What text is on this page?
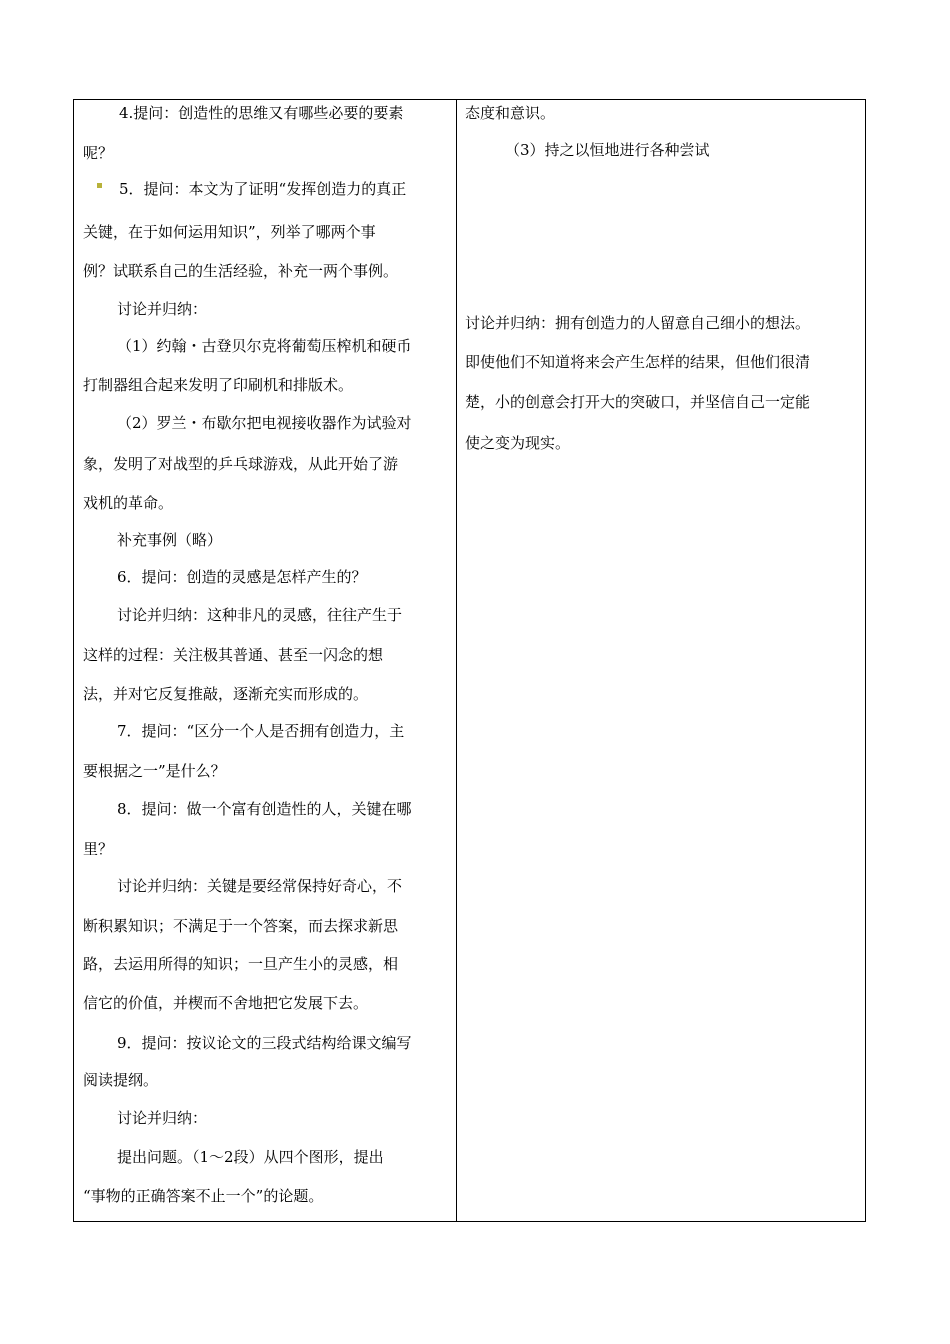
4.提问：创造性的思维又有哪些必要的要素
呢？
5．提问：本文为了证明“发挥创造力的真正
关键，在于如何运用知识”，列举了哪两个事
例？试联系自己的生活经验，补充一两个事例。
讨论并归纳：
（1）约翰・古登贝尔克将葡萄压榨机和硬币
打制器组合起来发明了印刷机和排版术。
（2）罗兰・布歇尔把电视接收器作为试验对
象，发明了对战型的乒乓球游戏，从此开始了游
戏机的革命。
补充事例（略）
6．提问：创造的灵感是怎样产生的？
讨论并归纳：这种非凡的灵感，往往产生于
这样的过程：关注极其普通、甚至一闪念的想
法，并对它反复推敲，逐渐充实而形成的。
7．提问：“区分一个人是否拥有创造力，主
要根据之一”是什么？
8．提问：做一个富有创造性的人，关键在哪
里？
讨论并归纳：关键是要经常保持好奇心，不
断积累知识；不满足于一个答案，而去探求新思
路，去运用所得的知识；一旦产生小的灵感，相
信它的价值，并楔而不舍地把它发展下去。
9．提问：按议论文的三段式结构给课文编写
阅读提纲。
讨论并归纳：
提出问题。（1～2段）从四个图形，提出
“事物的正确答案不止一个”的论题。
态度和意识。
（3）持之以恒地进行各种尝试
讨论并归纳：拥有创造力的人留意自己细小的想法。
即使他们不知道将来会产生怎样的结果，但他们很清
楚，小的创意会打开大的突破口，并坚信自己一定能
使之变为现实。
